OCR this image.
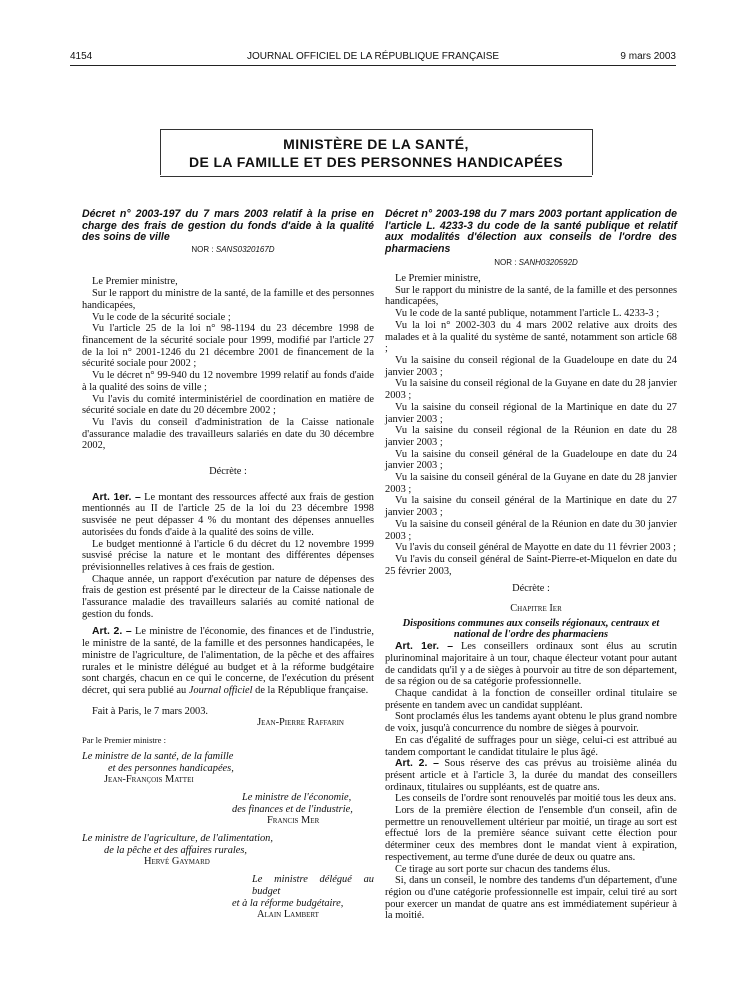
4154	JOURNAL OFFICIEL DE LA RÉPUBLIQUE FRANÇAISE	9 mars 2003
MINISTÈRE DE LA SANTÉ,
DE LA FAMILLE ET DES PERSONNES HANDICAPÉES
Décret n° 2003-197 du 7 mars 2003 relatif à la prise en charge des frais de gestion du fonds d'aide à la qualité des soins de ville

NOR : SANS0320167D

Le Premier ministre,

Sur le rapport du ministre de la santé, de la famille et des personnes handicapées,

Vu le code de la sécurité sociale ;

Vu l'article 25 de la loi n° 98-1194 du 23 décembre 1998 de financement de la sécurité sociale pour 1999, modifié par l'article 27 de la loi n° 2001-1246 du 21 décembre 2001 de financement de la sécurité sociale pour 2002 ;

Vu le décret n° 99-940 du 12 novembre 1999 relatif au fonds d'aide à la qualité des soins de ville ;

Vu l'avis du comité interministériel de coordination en matière de sécurité sociale en date du 20 décembre 2002 ;

Vu l'avis du conseil d'administration de la Caisse nationale d'assurance maladie des travailleurs salariés en date du 30 décembre 2002,

Décrète :

Art. 1er. – Le montant des ressources affecté aux frais de gestion mentionnés au II de l'article 25 de la loi du 23 décembre 1998 susvisée ne peut dépasser 4 % du montant des dépenses annuelles autorisées du fonds d'aide à la qualité des soins de ville.

Le budget mentionné à l'article 6 du décret du 12 novembre 1999 susvisé précise la nature et le montant des différentes dépenses prévisionnelles relatives à ces frais de gestion.

Chaque année, un rapport d'exécution par nature de dépenses des frais de gestion est présenté par le directeur de la Caisse nationale de l'assurance maladie des travailleurs salariés au comité national de gestion du fonds.

Art. 2. – Le ministre de l'économie, des finances et de l'industrie, le ministre de la santé, de la famille et des personnes handicapées, le ministre de l'agriculture, de l'alimentation, de la pêche et des affaires rurales et le ministre délégué au budget et à la réforme budgétaire sont chargés, chacun en ce qui le concerne, de l'exécution du présent décret, qui sera publié au Journal officiel de la République française.

Fait à Paris, le 7 mars 2003.

Jean-Pierre Raffarin

Par le Premier ministre :

Le ministre de la santé, de la famille

et des personnes handicapées,

Jean-François Mattei

Le ministre de l'économie,

des finances et de l'industrie,

Francis Mer

Le ministre de l'agriculture, de l'alimentation,

de la pêche et des affaires rurales,

Hervé Gaymard

Le ministre délégué au budget

et à la réforme budgétaire,

Alain Lambert

Décret n° 2003-198 du 7 mars 2003 portant application de l'article L. 4233-3 du code de la santé publique et relatif aux modalités d'élection aux conseils de l'ordre des pharmaciens

NOR : SANH0320592D

Le Premier ministre,

Sur le rapport du ministre de la santé, de la famille et des personnes handicapées,

Vu le code de la santé publique, notamment l'article L. 4233-3 ;

Vu la loi n° 2002-303 du 4 mars 2002 relative aux droits des malades et à la qualité du système de santé, notamment son article 68 ;

Vu la saisine du conseil régional de la Guadeloupe en date du 24 janvier 2003 ;

Vu la saisine du conseil régional de la Guyane en date du 28 janvier 2003 ;

Vu la saisine du conseil régional de la Martinique en date du 27 janvier 2003 ;

Vu la saisine du conseil régional de la Réunion en date du 28 janvier 2003 ;

Vu la saisine du conseil général de la Guadeloupe en date du 24 janvier 2003 ;

Vu la saisine du conseil général de la Guyane en date du 28 janvier 2003 ;

Vu la saisine du conseil général de la Martinique en date du 27 janvier 2003 ;

Vu la saisine du conseil général de la Réunion en date du 30 janvier 2003 ;

Vu l'avis du conseil général de Mayotte en date du 11 février 2003 ;

Vu l'avis du conseil général de Saint-Pierre-et-Miquelon en date du 25 février 2003,

Décrète :

Chapitre Ier

Dispositions communes aux conseils régionaux, centraux et national de l'ordre des pharmaciens

Art. 1er. – Les conseillers ordinaux sont élus au scrutin plurinominal majoritaire à un tour, chaque électeur votant pour autant de candidats qu'il y a de sièges à pourvoir au titre de son département, de sa région ou de sa catégorie professionnelle.

Chaque candidat à la fonction de conseiller ordinal titulaire se présente en tandem avec un candidat suppléant.

Sont proclamés élus les tandems ayant obtenu le plus grand nombre de voix, jusqu'à concurrence du nombre de sièges à pourvoir.

En cas d'égalité de suffrages pour un siège, celui-ci est attribué au tandem comportant le candidat titulaire le plus âgé.

Art. 2. – Sous réserve des cas prévus au troisième alinéa du présent article et à l'article 3, la durée du mandat des conseillers ordinaux, titulaires ou suppléants, est de quatre ans.

Les conseils de l'ordre sont renouvelés par moitié tous les deux ans.

Lors de la première élection de l'ensemble d'un conseil, afin de permettre un renouvellement ultérieur par moitié, un tirage au sort est effectué lors de la première séance suivant cette élection pour déterminer ceux des membres dont le mandat vient à expiration, respectivement, au terme d'une durée de deux ou quatre ans.

Ce tirage au sort porte sur chacun des tandems élus.

Si, dans un conseil, le nombre des tandems d'un département, d'une région ou d'une catégorie professionnelle est impair, celui tiré au sort pour exercer un mandat de quatre ans est immédiatement supérieur à la moitié.
